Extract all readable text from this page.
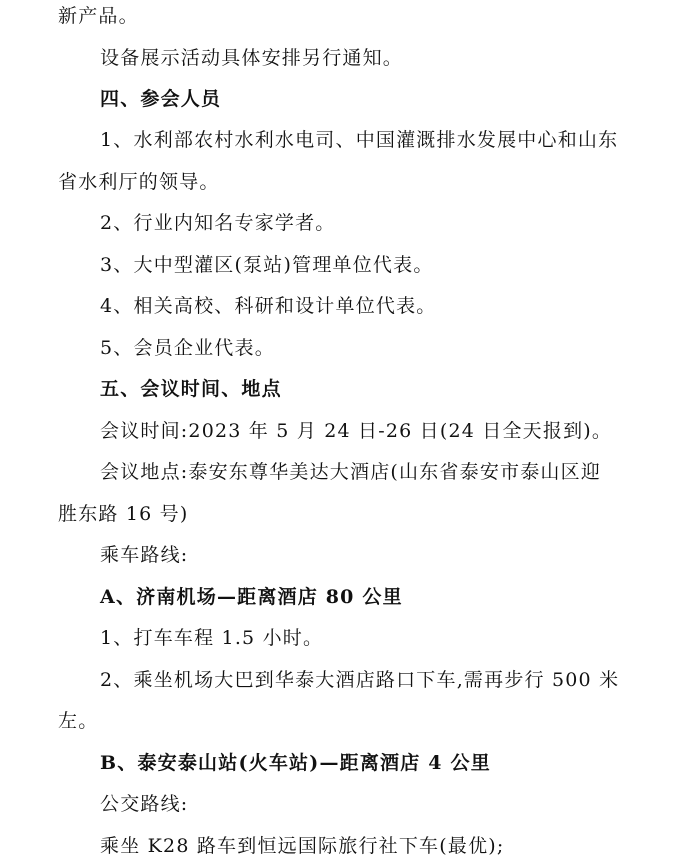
新产品。
设备展示活动具体安排另行通知。
四、参会人员
1、水利部农村水利水电司、中国灌溉排水发展中心和山东
省水利厅的领导。
2、行业内知名专家学者。
3、大中型灌区(泵站)管理单位代表。
4、相关高校、科研和设计单位代表。
5、会员企业代表。
五、会议时间、地点
会议时间:2023 年 5 月 24 日-26 日(24 日全天报到)。
会议地点:泰安东尊华美达大酒店(山东省泰安市泰山区迎
胜东路 16 号)
乘车路线:
A、济南机场—距离酒店 80 公里
1、打车车程 1.5 小时。
2、乘坐机场大巴到华泰大酒店路口下车,需再步行 500 米
左。
B、泰安泰山站(火车站)—距离酒店 4 公里
公交路线:
乘坐 K28 路车到恒远国际旅行社下车(最优);
